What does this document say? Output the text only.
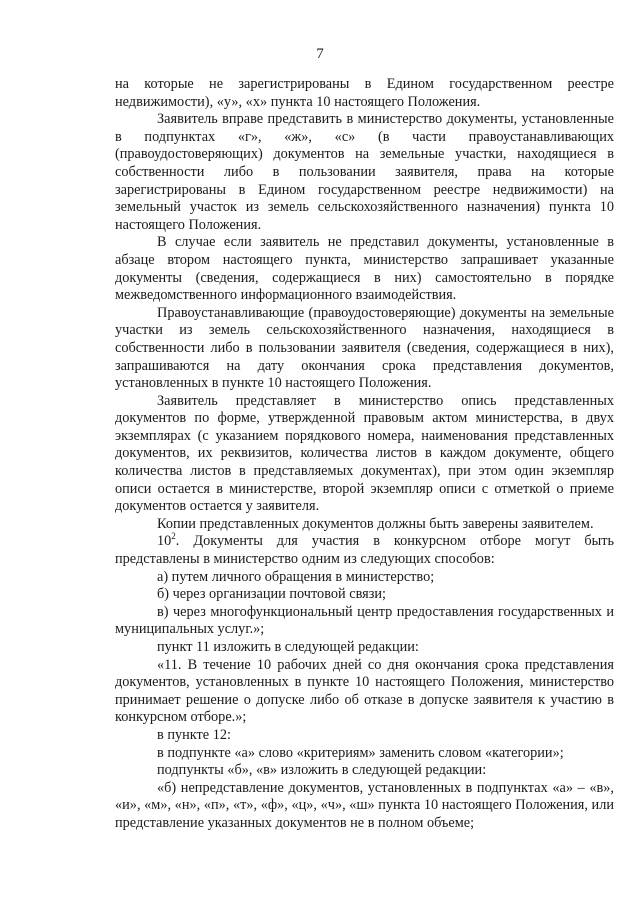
7

на которые не зарегистрированы в Едином государственном реестре недвижимости), «у», «х» пункта 10 настоящего Положения.

Заявитель вправе представить в министерство документы, установленные в подпунктах «г», «ж», «с» (в части правоустанавливающих (правоудостоверяющих) документов на земельные участки, находящиеся в собственности либо в пользовании заявителя, права на которые зарегистрированы в Едином государственном реестре недвижимости) на земельный участок из земель сельскохозяйственного назначения) пункта 10 настоящего Положения.

В случае если заявитель не представил документы, установленные в абзаце втором настоящего пункта, министерство запрашивает указанные документы (сведения, содержащиеся в них) самостоятельно в порядке межведомственного информационного взаимодействия.

Правоустанавливающие (правоудостоверяющие) документы на земельные участки из земель сельскохозяйственного назначения, находящиеся в собственности либо в пользовании заявителя (сведения, содержащиеся в них), запрашиваются на дату окончания срока представления документов, установленных в пункте 10 настоящего Положения.

Заявитель представляет в министерство опись представленных документов по форме, утвержденной правовым актом министерства, в двух экземплярах (с указанием порядкового номера, наименования представленных документов, их реквизитов, количества листов в каждом документе, общего количества листов в представляемых документах), при этом один экземпляр описи остается в министерстве, второй экземпляр описи с отметкой о приеме документов остается у заявителя.

Копии представленных документов должны быть заверены заявителем.

$10^2$. Документы для участия в конкурсном отборе могут быть представлены в министерство одним из следующих способов:

а) путем личного обращения в министерство;

б) через организации почтовой связи;

в) через многофункциональный центр предоставления государственных и муниципальных услуг.»;

пункт 11 изложить в следующей редакции:

«11. В течение 10 рабочих дней со дня окончания срока представления документов, установленных в пункте 10 настоящего Положения, министерство принимает решение о допуске либо об отказе в допуске заявителя к участию в конкурсном отборе.»;

в пункте 12:

в подпункте «а» слово «критериям» заменить словом «категории»;

подпункты «б», «в» изложить в следующей редакции:

«б) непредставление документов, установленных в подпунктах «а» – «в», «и», «м», «н», «п», «т», «ф», «ц», «ч», «ш» пункта 10 настоящего Положения, или представление указанных документов не в полном объеме;
